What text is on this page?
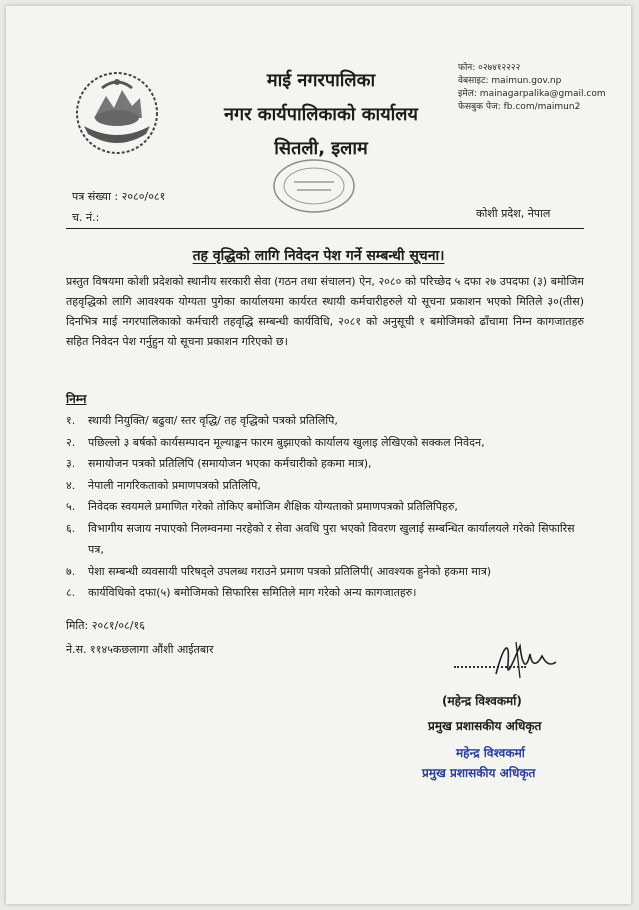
माई नगरपालिका
नगर कार्यपालिकाको कार्यालय
सितली, इलाम
फोन: ०२७४१२२२२
वेबसाइट: maimun.gov.np
इमेल: mainagarpalika@gmail.com
फेसबुक पेज: fb.com/maimun2
पत्र संख्या : २०८०/०८१
च. नं.:	कोशी प्रदेश, नेपाल
तह वृद्धिको लागि निवेदन पेश गर्ने सम्बन्धी सूचना।
प्रस्तुत विषयमा कोशी प्रदेशको स्थानीय सरकारी सेवा (गठन तथा संचालन) ऐन, २०८० को परिच्छेद ५ दफा २७ उपदफा (३) बमोजिम तहवृद्धिको लागि आवश्यक योग्यता पुगेका कार्यालयमा कार्यरत स्थायी कर्मचारीहरुले यो सूचना प्रकाशन भएको मितिले ३०(तीस) दिनभित्र माई नगरपालिकाको कर्मचारी तहवृद्धि सम्बन्धी कार्यविधि, २०८१ को अनुसूची १ बमोजिमको ढाँचामा निम्न कागजातहरु सहित निवेदन पेश गर्नुहुन यो सूचना प्रकाशन गरिएको छ।
निम्न
१.	स्थायी नियुक्ति/ बढुवा/ स्तर वृद्धि/ तह वृद्धिको पत्रको प्रतिलिपि,
२.	पछिल्लो ३ बर्षको कार्यसम्पादन मूल्याङ्कन फारम बुझाएको कार्यालय खुलाइ लेखिएको सक्कल निवेदन,
३.	समायोजन पत्रको प्रतिलिपि (समायोजन भएका कर्मचारीको हकमा मात्र),
४.	नेपाली नागरिकताको प्रमाणपत्रको प्रतिलिपि,
५.	निवेदक स्वयमले प्रमाणित गरेको तोकिए बमोजिम शैक्षिक योग्यताको प्रमाणपत्रको प्रतिलिपिहरु,
६.	विभागीय सजाय नपाएको निलम्वनमा नरहेको र सेवा अवधि पुरा भएको विवरण खुलाई सम्बन्धित कार्यालयले गरेको सिफारिस पत्र,
७.	पेशा सम्बन्धी व्यवसायी परिषद्ले उपलब्ध गराउने प्रमाण पत्रको प्रतिलिपी( आवश्यक हुनेको हकमा मात्र)
८.	कार्यविधिको दफा(५) बमोजिमको सिफारिस समितिले माग गरेको अन्य कागजातहरु।
मिति: २०८१/०८/१६
ने.स. ११४५कछलागा औंशी आईतबार
(महेन्द्र विश्वकर्मा)
प्रमुख प्रशासकीय अधिकृत
महेन्द्र विश्वकर्मा
प्रमुख प्रशासकीय अधिकृत
